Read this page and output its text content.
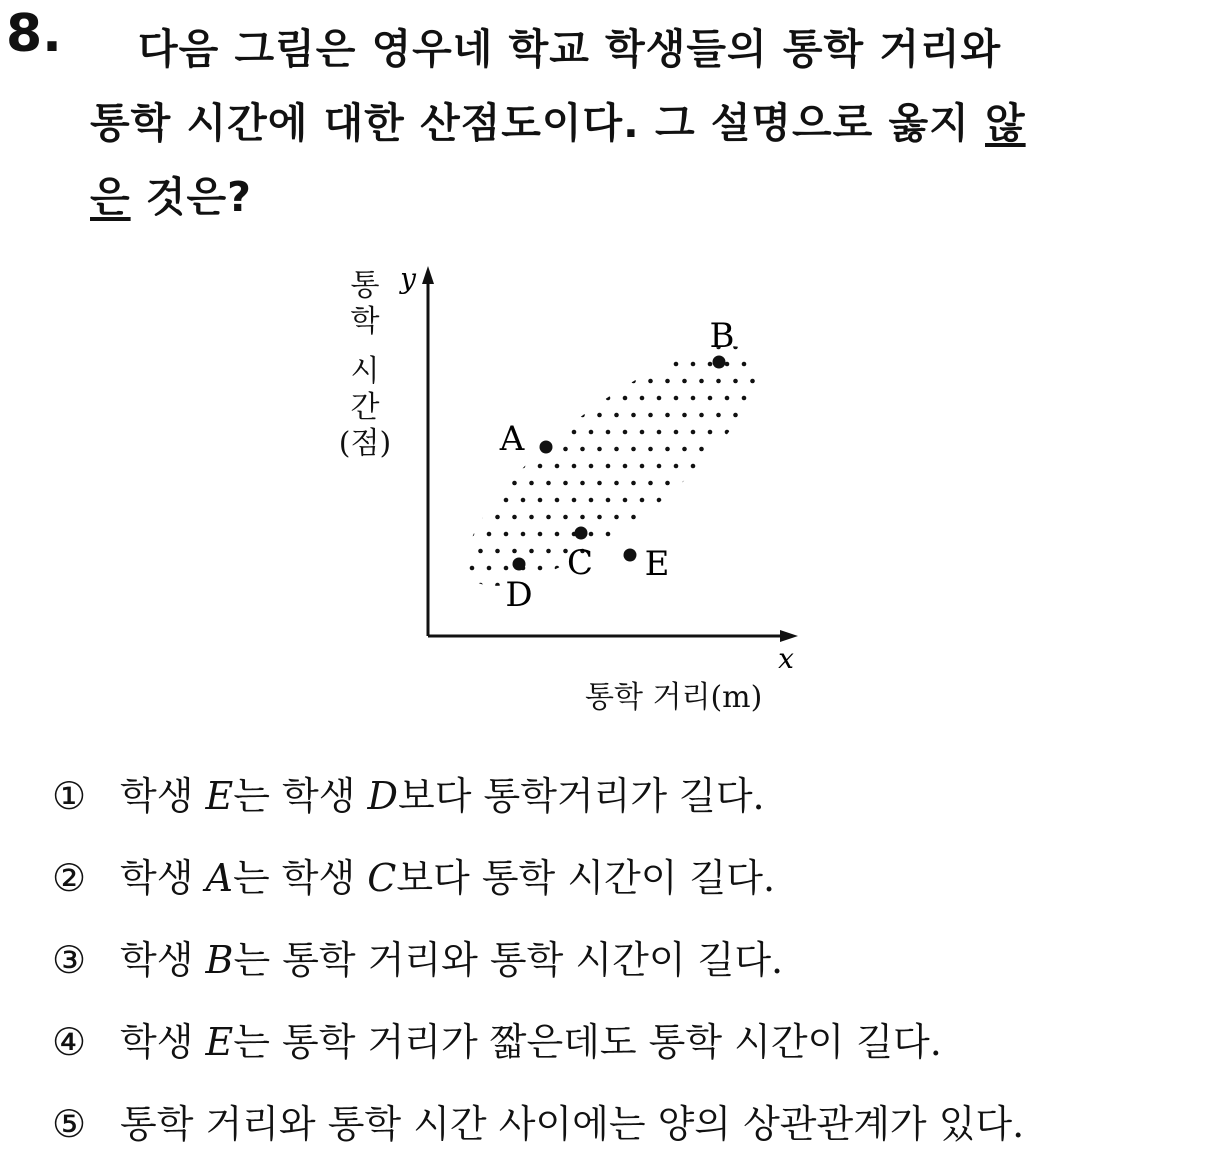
8.	다음 그림은 영우네 학교 학생들의 통학 거리와
통학 시간에 대한 산점도이다. 그 설명으로 옳지 않
은 것은?
통
학
시
간
(점)
y
x
A
B
C
D
E
통학 거리(m)
① 학생 E는 학생 D보다 통학거리가 길다.
② 학생 A는 학생 C보다 통학 시간이 길다.
③ 학생 B는 통학 거리와 통학 시간이 길다.
④ 학생 E는 통학 거리가 짧은데도 통학 시간이 길다.
⑤ 통학 거리와 통학 시간 사이에는 양의 상관관계가 있다.
